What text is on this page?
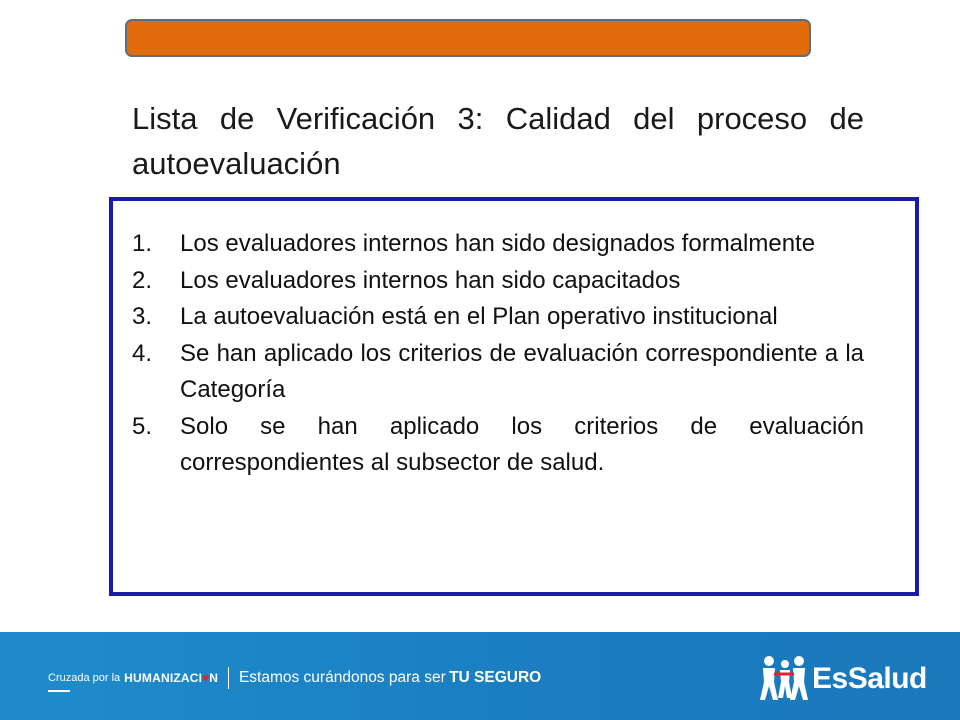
Lista de Verificación 3: Calidad del proceso de autoevaluación
1. Los evaluadores internos han sido designados formalmente
2. Los evaluadores internos han sido capacitados
3. La autoevaluación está en el Plan operativo institucional
4. Se han aplicado los criterios de evaluación correspondiente a la Categoría
5. Solo se han aplicado los criterios de evaluación correspondientes al subsector de salud.
Cruzada por la HUMANIZACI ♥ N Estamos curándonos para ser
TU SEGURO	EsSalud
